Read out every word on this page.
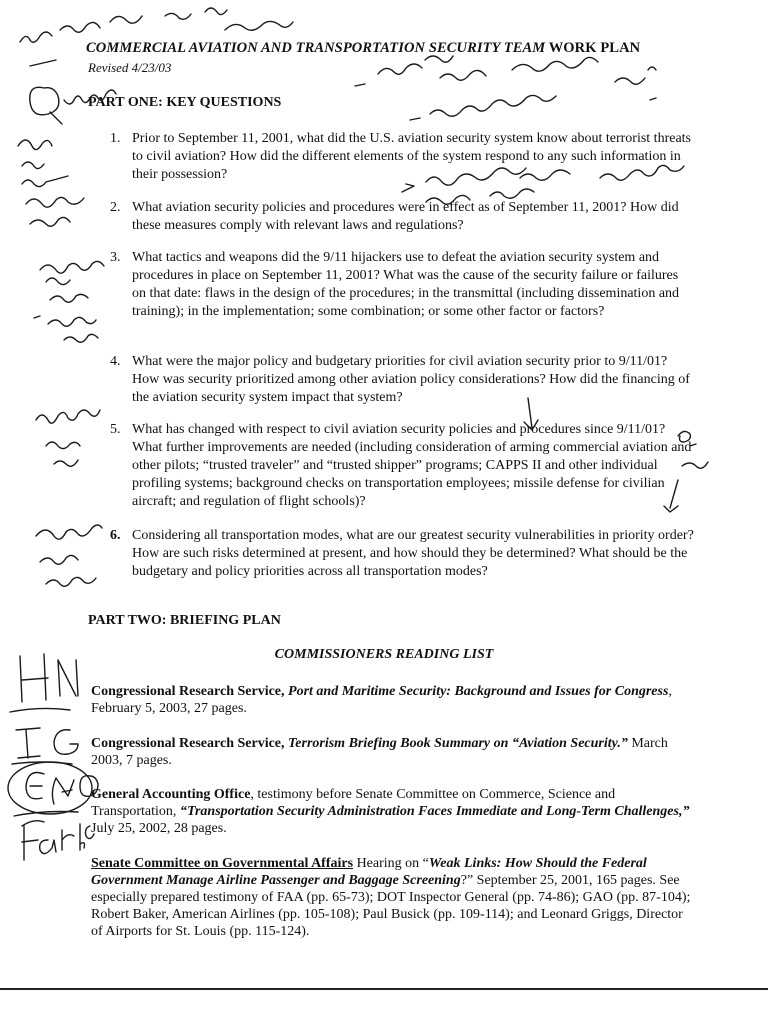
COMMERCIAL AVIATION AND TRANSPORTATION SECURITY TEAM WORK PLAN
Revised 4/23/03
PART ONE: KEY QUESTIONS
1. Prior to September 11, 2001, what did the U.S. aviation security system know about terrorist threats to civil aviation? How did the different elements of the system respond to any such information in their possession?
2. What aviation security policies and procedures were in effect as of September 11, 2001? How did these measures comply with relevant laws and regulations?
3. What tactics and weapons did the 9/11 hijackers use to defeat the aviation security system and procedures in place on September 11, 2001? What was the cause of the security failure or failures on that date: flaws in the design of the procedures; in the transmittal (including dissemination and training); in the implementation; some combination; or some other factor or factors?
4. What were the major policy and budgetary priorities for civil aviation security prior to 9/11/01? How was security prioritized among other aviation policy considerations? How did the financing of the aviation security system impact that system?
5. What has changed with respect to civil aviation security policies and procedures since 9/11/01? What further improvements are needed (including consideration of arming commercial aviation and other pilots; “trusted traveler” and “trusted shipper” programs; CAPPS II and other individual profiling systems; background checks on transportation employees; missile defense for civilian aircraft; and regulation of flight schools)?
6. Considering all transportation modes, what are our greatest security vulnerabilities in priority order? How are such risks determined at present, and how should they be determined? What should be the budgetary and policy priorities across all transportation modes?
PART TWO: BRIEFING PLAN
COMMISSIONERS READING LIST
Congressional Research Service, Port and Maritime Security: Background and Issues for Congress, February 5, 2003, 27 pages.
Congressional Research Service, Terrorism Briefing Book Summary on “Aviation Security.” March 2003, 7 pages.
General Accounting Office, testimony before Senate Committee on Commerce, Science and Transportation, “Transportation Security Administration Faces Immediate and Long-Term Challenges,” July 25, 2002, 28 pages.
Senate Committee on Governmental Affairs Hearing on “Weak Links: How Should the Federal Government Manage Airline Passenger and Baggage Screening?” September 25, 2001, 165 pages. See especially prepared testimony of FAA (pp. 65-73); DOT Inspector General (pp. 74-86); GAO (pp. 87-104); Robert Baker, American Airlines (pp. 105-108); Paul Busick (pp. 109-114); and Leonard Griggs, Director of Airports for St. Louis (pp. 115-124).
